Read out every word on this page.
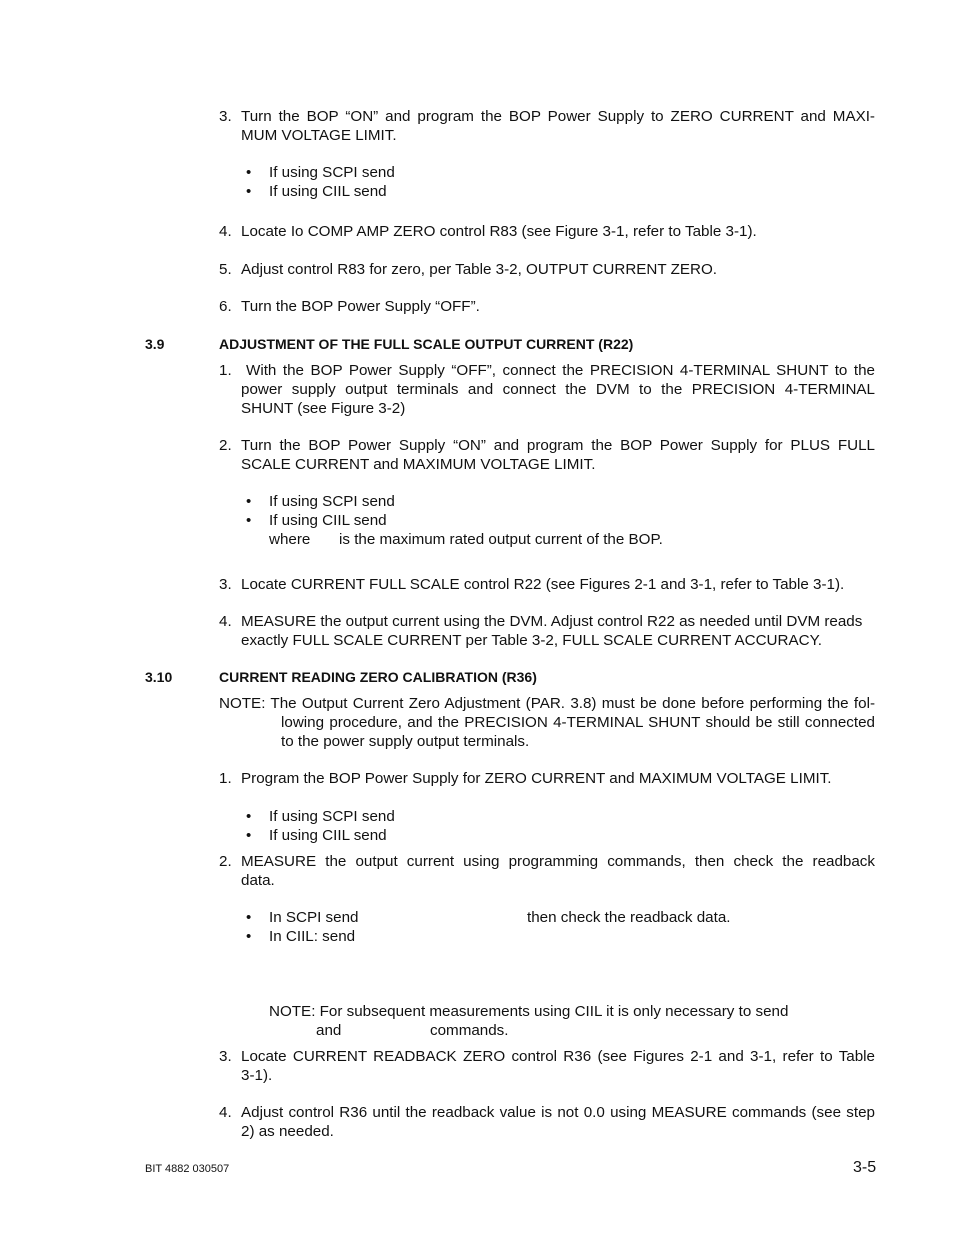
3. Turn the BOP “ON” and program the BOP Power Supply to ZERO CURRENT and MAXI-
MUM VOLTAGE LIMIT.
• If using SCPI send
• If using CIIL send
4. Locate Io COMP AMP ZERO control R83 (see Figure 3-1, refer to Table 3-1).
5. Adjust control R83 for zero, per Table 3-2, OUTPUT CURRENT ZERO.
6. Turn the BOP Power Supply “OFF”.
3.9	ADJUSTMENT OF THE FULL SCALE OUTPUT CURRENT (R22)
1. With the BOP Power Supply “OFF”, connect the PRECISION 4-TERMINAL SHUNT to the
power supply output terminals and connect the DVM to the PRECISION 4-TERMINAL
SHUNT (see Figure 3-2)
2. Turn the BOP Power Supply “ON” and program the BOP Power Supply for PLUS FULL
SCALE CURRENT and MAXIMUM VOLTAGE LIMIT.
• If using SCPI send
• If using CIIL send
where is the maximum rated output current of the BOP.
3. Locate CURRENT FULL SCALE control R22 (see Figures 2-1 and 3-1, refer to Table 3-1).
4. MEASURE the output current using the DVM. Adjust control R22 as needed until DVM reads
exactly FULL SCALE CURRENT per Table 3-2, FULL SCALE CURRENT ACCURACY.
3.10	CURRENT READING ZERO CALIBRATION (R36)
NOTE: The Output Current Zero Adjustment (PAR. 3.8) must be done before performing the fol-
lowing procedure, and the PRECISION 4-TERMINAL SHUNT should be still connected
to the power supply output terminals.
1. Program the BOP Power Supply for ZERO CURRENT and MAXIMUM VOLTAGE LIMIT.
• If using SCPI send
• If using CIIL send
2. MEASURE the output current using programming commands, then check the readback
data.
• In SCPI send	then check the readback data.
• In CIIL: send
NOTE: For subsequent measurements using CIIL it is only necessary to send
and	commands.
3. Locate CURRENT READBACK ZERO control R36 (see Figures 2-1 and 3-1, refer to Table
3-1).
4. Adjust control R36 until the readback value is not 0.0 using MEASURE commands (see step
2) as needed.
BIT 4882 030507	3-5
